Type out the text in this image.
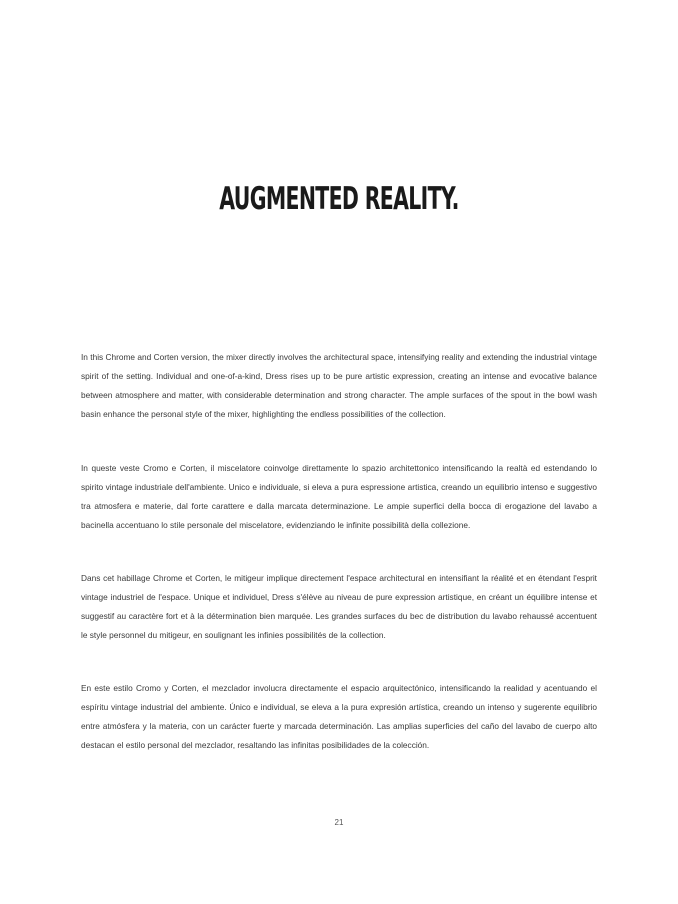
AUGMENTED REALITY.

In this Chrome and Corten version, the mixer directly involves the architectural space, intensifying reality and extending the industrial vintage spirit of the setting. Individual and one-of-a-kind, Dress rises up to be pure artistic expression, creating an intense and evocative balance between atmosphere and matter, with considerable determination and strong character. The ample surfaces of the spout in the bowl wash basin enhance the personal style of the mixer, highlighting the endless possibilities of the collection.

In queste veste Cromo e Corten, il miscelatore coinvolge direttamente lo spazio architettonico intensificando la realtà ed estendando lo spirito vintage industriale dell'ambiente. Unico e individuale, si eleva a pura espressione artistica, creando un equilibrio intenso e suggestivo tra atmosfera e materie, dal forte carattere e dalla marcata determinazione. Le ampie superfici della bocca di erogazione del lavabo a bacinella accentuano lo stile personale del miscelatore, evidenziando le infinite possibilità della collezione.

Dans cet habillage Chrome et Corten, le mitigeur implique directement l'espace architectural en intensifiant la réalité et en étendant l'esprit vintage industriel de l'espace. Unique et individuel, Dress s'élève au niveau de pure expression artistique, en créant un équilibre intense et suggestif au caractère fort et à la détermination bien marquée. Les grandes surfaces du bec de distribution du lavabo rehaussé accentuent le style personnel du mitigeur, en soulignant les infinies possibilités de la collection.

En este estilo Cromo y Corten, el mezclador involucra directamente el espacio arquitectónico, intensificando la realidad y acentuando el espíritu vintage industrial del ambiente. Único e individual, se eleva a la pura expresión artística, creando un intenso y sugerente equilibrio entre atmósfera y la materia, con un carácter fuerte y marcada determinación. Las amplias superficies del caño del lavabo de cuerpo alto destacan el estilo personal del mezclador, resaltando las infinitas posibilidades de la colección.

21
